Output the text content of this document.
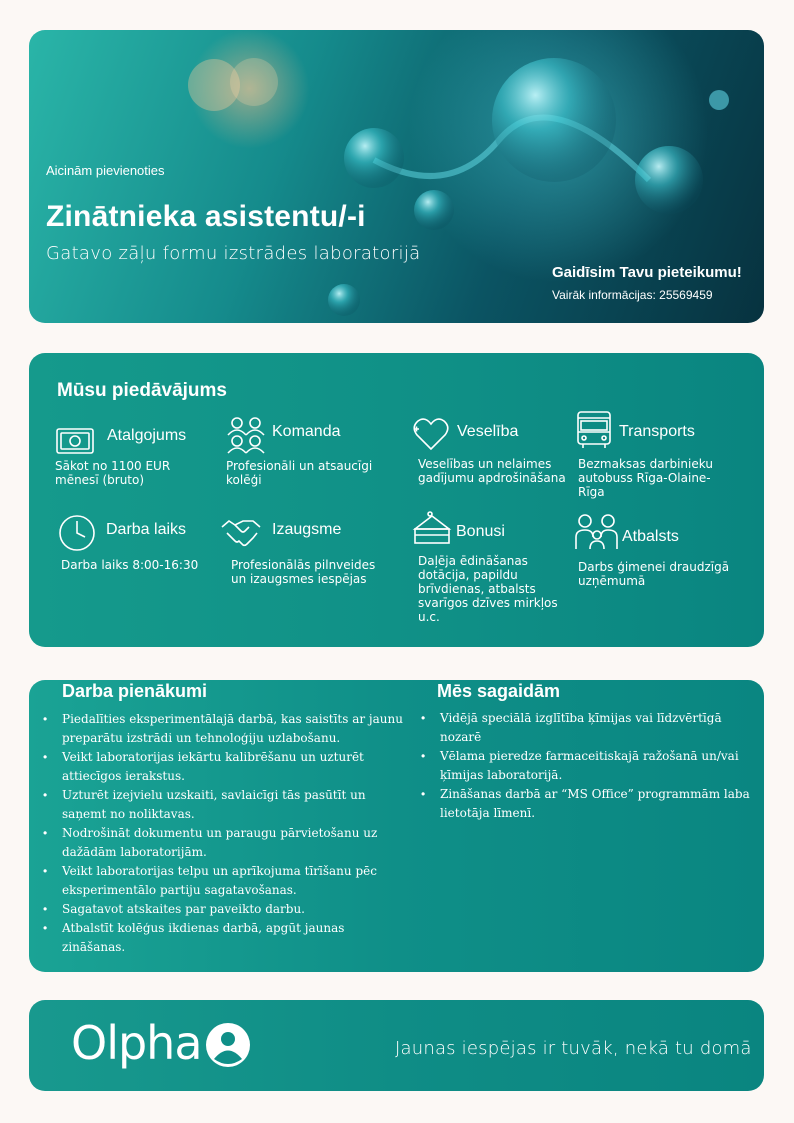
Aicinām pievienoties
Zinātnieka asistentu/-i
Gatavo zāļu formu izstrādes laboratorijā
Gaidīsim Tavu pieteikumu!
Vairāk informācijas: 25569459
Mūsu piedāvājums
Atalgojums
Sākot no 1100 EUR mēnesī (bruto)
Komanda
Profesionāli un atsaucīgi kolēģi
Veselība
Veselības un nelaimes gadījumu apdrošināšana
Transports
Bezmaksas darbinieku autobuss Rīga-Olaine-Rīga
Darba laiks
Darba laiks 8:00-16:30
Izaugsme
Profesionālās pilnveides un izaugsmes iespējas
Bonusi
Daļēja ēdināšanas dotācija, papildu brīvdienas, atbalsts svarīgos dzīves mirkļos u.c.
Atbalsts
Darbs ģimenei draudzīgā uzņēmumā
Darba pienākumi
• Piedalīties eksperimentālajā darbā, kas saistīts ar jaunu preparātu izstrādi un tehnoloģiju uzlabošanu.
• Veikt laboratorijas iekārtu kalibrēšanu un uzturēt attiecīgos ierakstus.
• Uzturēt izejvielu uzskaiti, savlaicīgi tās pasūtīt un saņemt no noliktavas.
• Nodrošināt dokumentu un paraugu pārvietošanu uz dažādām laboratorijām.
• Veikt laboratorijas telpu un aprīkojuma tīrīšanu pēc eksperimentālo partiju sagatavošanas.
• Sagatavot atskaites par paveikto darbu.
• Atbalstīt kolēģus ikdienas darbā, apgūt jaunas zināšanas.
Mēs sagaidām
• Vidējā speciālā izglītība ķīmijas vai līdzvērtīgā nozarē
• Vēlama pieredze farmaceitiskajā ražošanā un/vai ķīmijas laboratorijā.
• Zināšanas darbā ar “MS Office” programmām laba lietotāja līmenī.
Olpha	Jaunas iespējas ir tuvāk, nekā tu domā
